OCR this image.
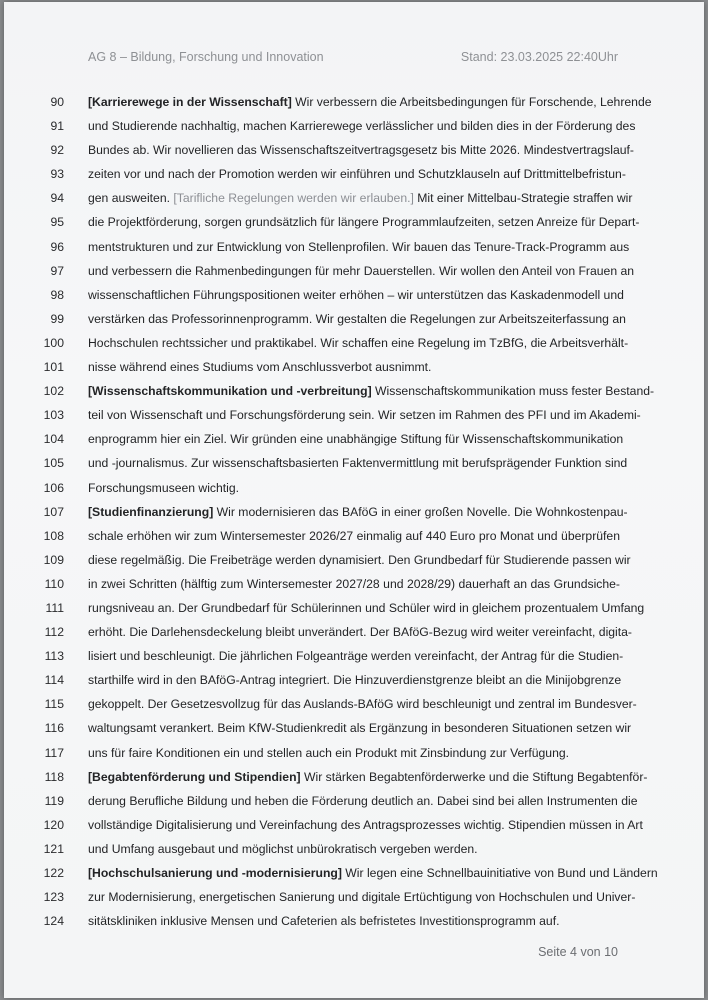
AG 8 – Bildung, Forschung und Innovation	Stand: 23.03.2025 22:40Uhr
90 [Karrierewege in der Wissenschaft] Wir verbessern die Arbeitsbedingungen für Forschende, Lehrende
91 und Studierende nachhaltig, machen Karrierewege verlässlicher und bilden dies in der Förderung des
92 Bundes ab. Wir novellieren das Wissenschaftszeitvertragsgesetz bis Mitte 2026. Mindestvertragslauf-
93 zeiten vor und nach der Promotion werden wir einführen und Schutzklauseln auf Drittmittelbefristun-
94 gen ausweiten. [Tarifliche Regelungen werden wir erlauben.] Mit einer Mittelbau-Strategie straffen wir
95 die Projektförderung, sorgen grundsätzlich für längere Programmlaufzeiten, setzen Anreize für Depart-
96 mentstrukturen und zur Entwicklung von Stellenprofilen. Wir bauen das Tenure-Track-Programm aus
97 und verbessern die Rahmenbedingungen für mehr Dauerstellen. Wir wollen den Anteil von Frauen an
98 wissenschaftlichen Führungspositionen weiter erhöhen – wir unterstützen das Kaskadenmodell und
99 verstärken das Professorinnenprogramm. Wir gestalten die Regelungen zur Arbeitszeiterfassung an
100 Hochschulen rechtssicher und praktikabel. Wir schaffen eine Regelung im TzBfG, die Arbeitsverhält-
101 nisse während eines Studiums vom Anschlussverbot ausnimmt.
102 [Wissenschaftskommunikation und -verbreitung] Wissenschaftskommunikation muss fester Bestand-
103 teil von Wissenschaft und Forschungsförderung sein. Wir setzen im Rahmen des PFI und im Akademi-
104 enprogramm hier ein Ziel. Wir gründen eine unabhängige Stiftung für Wissenschaftskommunikation
105 und -journalismus. Zur wissenschaftsbasierten Faktenvermittlung mit berufsprägender Funktion sind
106 Forschungsmuseen wichtig.
107 [Studienfinanzierung] Wir modernisieren das BAföG in einer großen Novelle. Die Wohnkostenpau-
108 schale erhöhen wir zum Wintersemester 2026/27 einmalig auf 440 Euro pro Monat und überprüfen
109 diese regelmäßig. Die Freibeträge werden dynamisiert. Den Grundbedarf für Studierende passen wir
110 in zwei Schritten (hälftig zum Wintersemester 2027/28 und 2028/29) dauerhaft an das Grundsiche-
111 rungsniveau an. Der Grundbedarf für Schülerinnen und Schüler wird in gleichem prozentualem Umfang
112 erhöht. Die Darlehensdeckelung bleibt unverändert. Der BAföG-Bezug wird weiter vereinfacht, digita-
113 lisiert und beschleunigt. Die jährlichen Folgeanträge werden vereinfacht, der Antrag für die Studien-
114 starthilfe wird in den BAföG-Antrag integriert. Die Hinzuverdienstgrenze bleibt an die Minijobgrenze
115 gekoppelt. Der Gesetzesvollzug für das Auslands-BAföG wird beschleunigt und zentral im Bundesver-
116 waltungsamt verankert. Beim KfW-Studienkredit als Ergänzung in besonderen Situationen setzen wir
117 uns für faire Konditionen ein und stellen auch ein Produkt mit Zinsbindung zur Verfügung.
118 [Begabtenförderung und Stipendien] Wir stärken Begabtenförderwerke und die Stiftung Begabtenför-
119 derung Berufliche Bildung und heben die Förderung deutlich an. Dabei sind bei allen Instrumenten die
120 vollständige Digitalisierung und Vereinfachung des Antragsprozesses wichtig. Stipendien müssen in Art
121 und Umfang ausgebaut und möglichst unbürokratisch vergeben werden.
122 [Hochschulsanierung und -modernisierung] Wir legen eine Schnellbauinitiative von Bund und Ländern
123 zur Modernisierung, energetischen Sanierung und digitale Ertüchtigung von Hochschulen und Univer-
124 sitätskliniken inklusive Mensen und Cafeterien als befristetes Investitionsprogramm auf.
Seite 4 von 10
